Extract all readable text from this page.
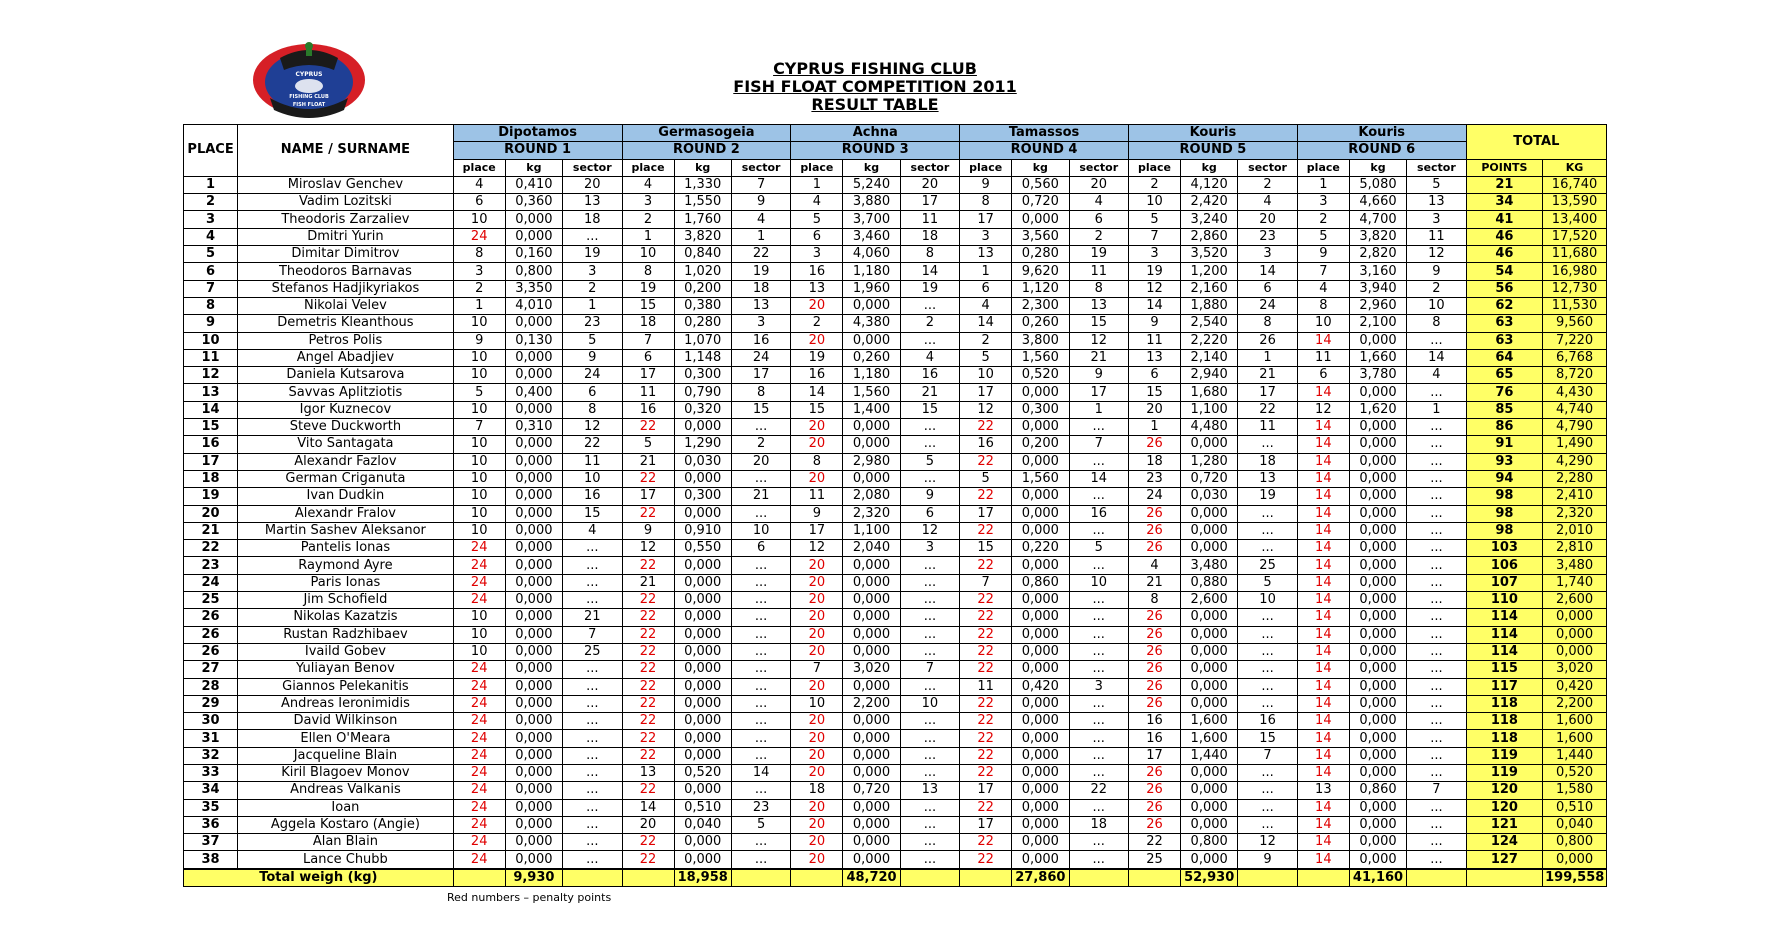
CYPRUS
FISHING CLUB
FISH FLOAT
CYPRUS FISHING CLUB
FISH FLOAT COMPETITION 2011
RESULT TABLE
PLACE	NAME / SURNAME	Dipotamos			Germasogeia			Achna			Tamassos			Kouris			Kouris			TOTAL	
		ROUND 1			ROUND 2			ROUND 3			ROUND 4			ROUND 5			ROUND 6				
		place	kg	sector	place	kg	sector	place	kg	sector	place	kg	sector	place	kg	sector	place	kg	sector	POINTS	KG
1	Miroslav Genchev	4	0,410	20	4	1,330	7	1	5,240	20	9	0,560	20	2	4,120	2	1	5,080	5	21	16,740
2	Vadim Lozitski	6	0,360	13	3	1,550	9	4	3,880	17	8	0,720	4	10	2,420	4	3	4,660	13	34	13,590
3	Theodoris Zarzaliev	10	0,000	18	2	1,760	4	5	3,700	11	17	0,000	6	5	3,240	20	2	4,700	3	41	13,400
4	Dmitri Yurin	24	0,000	...	1	3,820	1	6	3,460	18	3	3,560	2	7	2,860	23	5	3,820	11	46	17,520
5	Dimitar Dimitrov	8	0,160	19	10	0,840	22	3	4,060	8	13	0,280	19	3	3,520	3	9	2,820	12	46	11,680
6	Theodoros Barnavas	3	0,800	3	8	1,020	19	16	1,180	14	1	9,620	11	19	1,200	14	7	3,160	9	54	16,980
7	Stefanos Hadjikyriakos	2	3,350	2	19	0,200	18	13	1,960	19	6	1,120	8	12	2,160	6	4	3,940	2	56	12,730
8	Nikolai Velev	1	4,010	1	15	0,380	13	20	0,000	...	4	2,300	13	14	1,880	24	8	2,960	10	62	11,530
9	Demetris Kleanthous	10	0,000	23	18	0,280	3	2	4,380	2	14	0,260	15	9	2,540	8	10	2,100	8	63	9,560
10	Petros Polis	9	0,130	5	7	1,070	16	20	0,000	...	2	3,800	12	11	2,220	26	14	0,000	...	63	7,220
11	Angel Abadjiev	10	0,000	9	6	1,148	24	19	0,260	4	5	1,560	21	13	2,140	1	11	1,660	14	64	6,768
12	Daniela Kutsarova	10	0,000	24	17	0,300	17	16	1,180	16	10	0,520	9	6	2,940	21	6	3,780	4	65	8,720
13	Savvas Aplitziotis	5	0,400	6	11	0,790	8	14	1,560	21	17	0,000	17	15	1,680	17	14	0,000	...	76	4,430
14	Igor Kuznecov	10	0,000	8	16	0,320	15	15	1,400	15	12	0,300	1	20	1,100	22	12	1,620	1	85	4,740
15	Steve Duckworth	7	0,310	12	22	0,000	...	20	0,000	...	22	0,000	...	1	4,480	11	14	0,000	...	86	4,790
16	Vito Santagata	10	0,000	22	5	1,290	2	20	0,000	...	16	0,200	7	26	0,000	...	14	0,000	...	91	1,490
17	Alexandr Fazlov	10	0,000	11	21	0,030	20	8	2,980	5	22	0,000	...	18	1,280	18	14	0,000	...	93	4,290
18	German Criganuta	10	0,000	10	22	0,000	...	20	0,000	...	5	1,560	14	23	0,720	13	14	0,000	...	94	2,280
19	Ivan Dudkin	10	0,000	16	17	0,300	21	11	2,080	9	22	0,000	...	24	0,030	19	14	0,000	...	98	2,410
20	Alexandr Fralov	10	0,000	15	22	0,000	...	9	2,320	6	17	0,000	16	26	0,000	...	14	0,000	...	98	2,320
21	Martin Sashev Aleksanor	10	0,000	4	9	0,910	10	17	1,100	12	22	0,000	...	26	0,000	...	14	0,000	...	98	2,010
22	Pantelis Ionas	24	0,000	...	12	0,550	6	12	2,040	3	15	0,220	5	26	0,000	...	14	0,000	...	103	2,810
23	Raymond Ayre	24	0,000	...	22	0,000	...	20	0,000	...	22	0,000	...	4	3,480	25	14	0,000	...	106	3,480
24	Paris Ionas	24	0,000	...	21	0,000	...	20	0,000	...	7	0,860	10	21	0,880	5	14	0,000	...	107	1,740
25	Jim Schofield	24	0,000	...	22	0,000	...	20	0,000	...	22	0,000	...	8	2,600	10	14	0,000	...	110	2,600
26	Nikolas Kazatzis	10	0,000	21	22	0,000	...	20	0,000	...	22	0,000	...	26	0,000	...	14	0,000	...	114	0,000
26	Rustan Radzhibaev	10	0,000	7	22	0,000	...	20	0,000	...	22	0,000	...	26	0,000	...	14	0,000	...	114	0,000
26	Ivaild Gobev	10	0,000	25	22	0,000	...	20	0,000	...	22	0,000	...	26	0,000	...	14	0,000	...	114	0,000
27	Yuliayan Benov	24	0,000	...	22	0,000	...	7	3,020	7	22	0,000	...	26	0,000	...	14	0,000	...	115	3,020
28	Giannos Pelekanitis	24	0,000	...	22	0,000	...	20	0,000	...	11	0,420	3	26	0,000	...	14	0,000	...	117	0,420
29	Andreas Ieronimidis	24	0,000	...	22	0,000	...	10	2,200	10	22	0,000	...	26	0,000	...	14	0,000	...	118	2,200
30	David Wilkinson	24	0,000	...	22	0,000	...	20	0,000	...	22	0,000	...	16	1,600	16	14	0,000	...	118	1,600
31	Ellen O'Meara	24	0,000	...	22	0,000	...	20	0,000	...	22	0,000	...	16	1,600	15	14	0,000	...	118	1,600
32	Jacqueline Blain	24	0,000	...	22	0,000	...	20	0,000	...	22	0,000	...	17	1,440	7	14	0,000	...	119	1,440
33	Kiril Blagoev Monov	24	0,000	...	13	0,520	14	20	0,000	...	22	0,000	...	26	0,000	...	14	0,000	...	119	0,520
34	Andreas Valkanis	24	0,000	...	22	0,000	...	18	0,720	13	17	0,000	22	26	0,000	...	13	0,860	7	120	1,580
35	Ioan	24	0,000	...	14	0,510	23	20	0,000	...	22	0,000	...	26	0,000	...	14	0,000	...	120	0,510
36	Aggela Kostaro (Angie)	24	0,000	...	20	0,040	5	20	0,000	...	17	0,000	18	26	0,000	...	14	0,000	...	121	0,040
37	Alan Blain	24	0,000	...	22	0,000	...	20	0,000	...	22	0,000	...	22	0,800	12	14	0,000	...	124	0,800
38	Lance Chubb	24	0,000	...	22	0,000	...	20	0,000	...	22	0,000	...	25	0,000	9	14	0,000	...	127	0,000
Total weigh (kg)			9,930			18,958			48,720			27,860			52,930			41,160			199,558
Red numbers – penalty points
